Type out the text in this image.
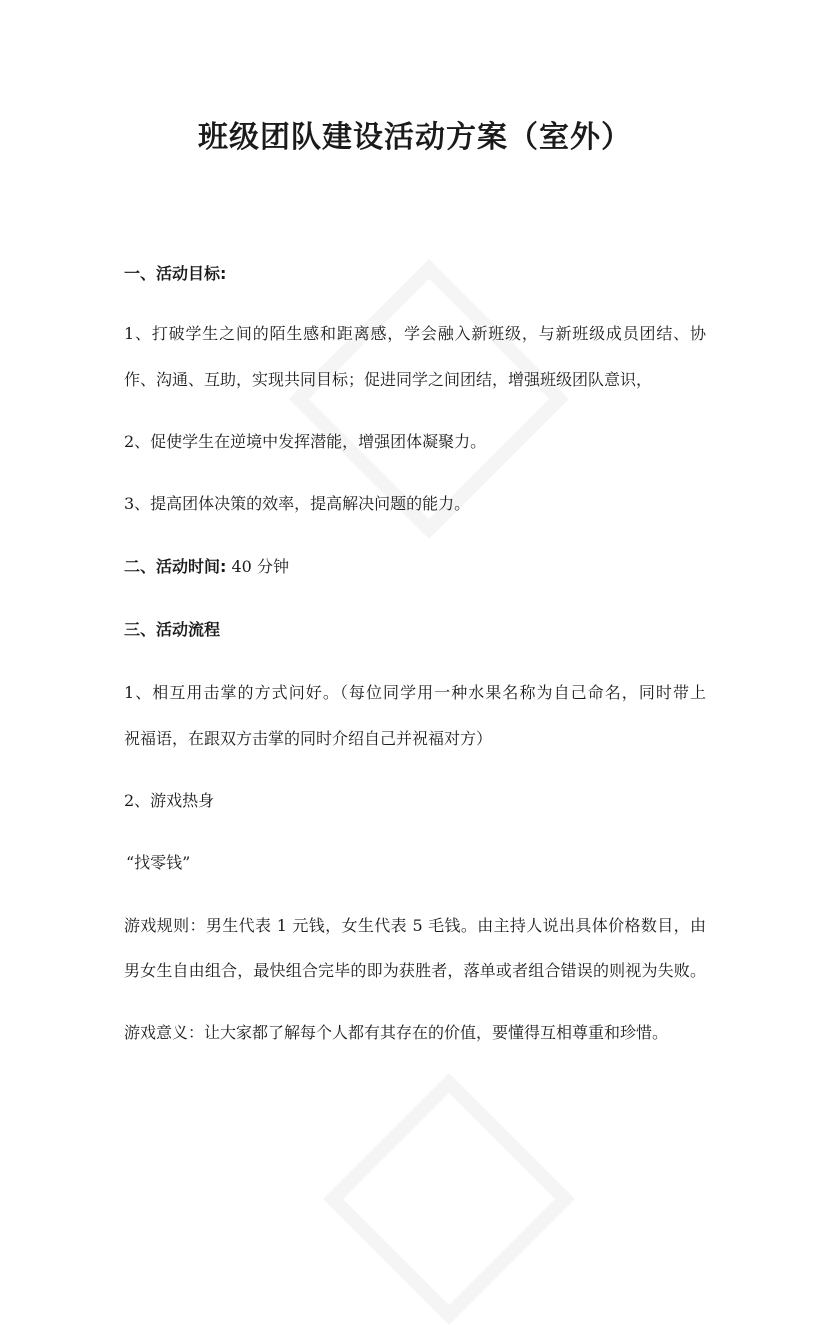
班级团队建设活动方案（室外）
一、活动目标:
1、打破学生之间的陌生感和距离感，学会融入新班级，与新班级成员团结、协
作、沟通、互助，实现共同目标；促进同学之间团结，增强班级团队意识，
2、促使学生在逆境中发挥潜能，增强团体凝聚力。
3、提高团体决策的效率，提高解决问题的能力。
二、活动时间: 40 分钟
三、活动流程
1、相互用击掌的方式问好。（每位同学用一种水果名称为自己命名，同时带上
祝福语，在跟双方击掌的同时介绍自己并祝福对方）
2、游戏热身
“找零钱”
游戏规则：男生代表 1 元钱，女生代表 5 毛钱。由主持人说出具体价格数目，由
男女生自由组合，最快组合完毕的即为获胜者，落单或者组合错误的则视为失败。
游戏意义：让大家都了解每个人都有其存在的价值，要懂得互相尊重和珍惜。
